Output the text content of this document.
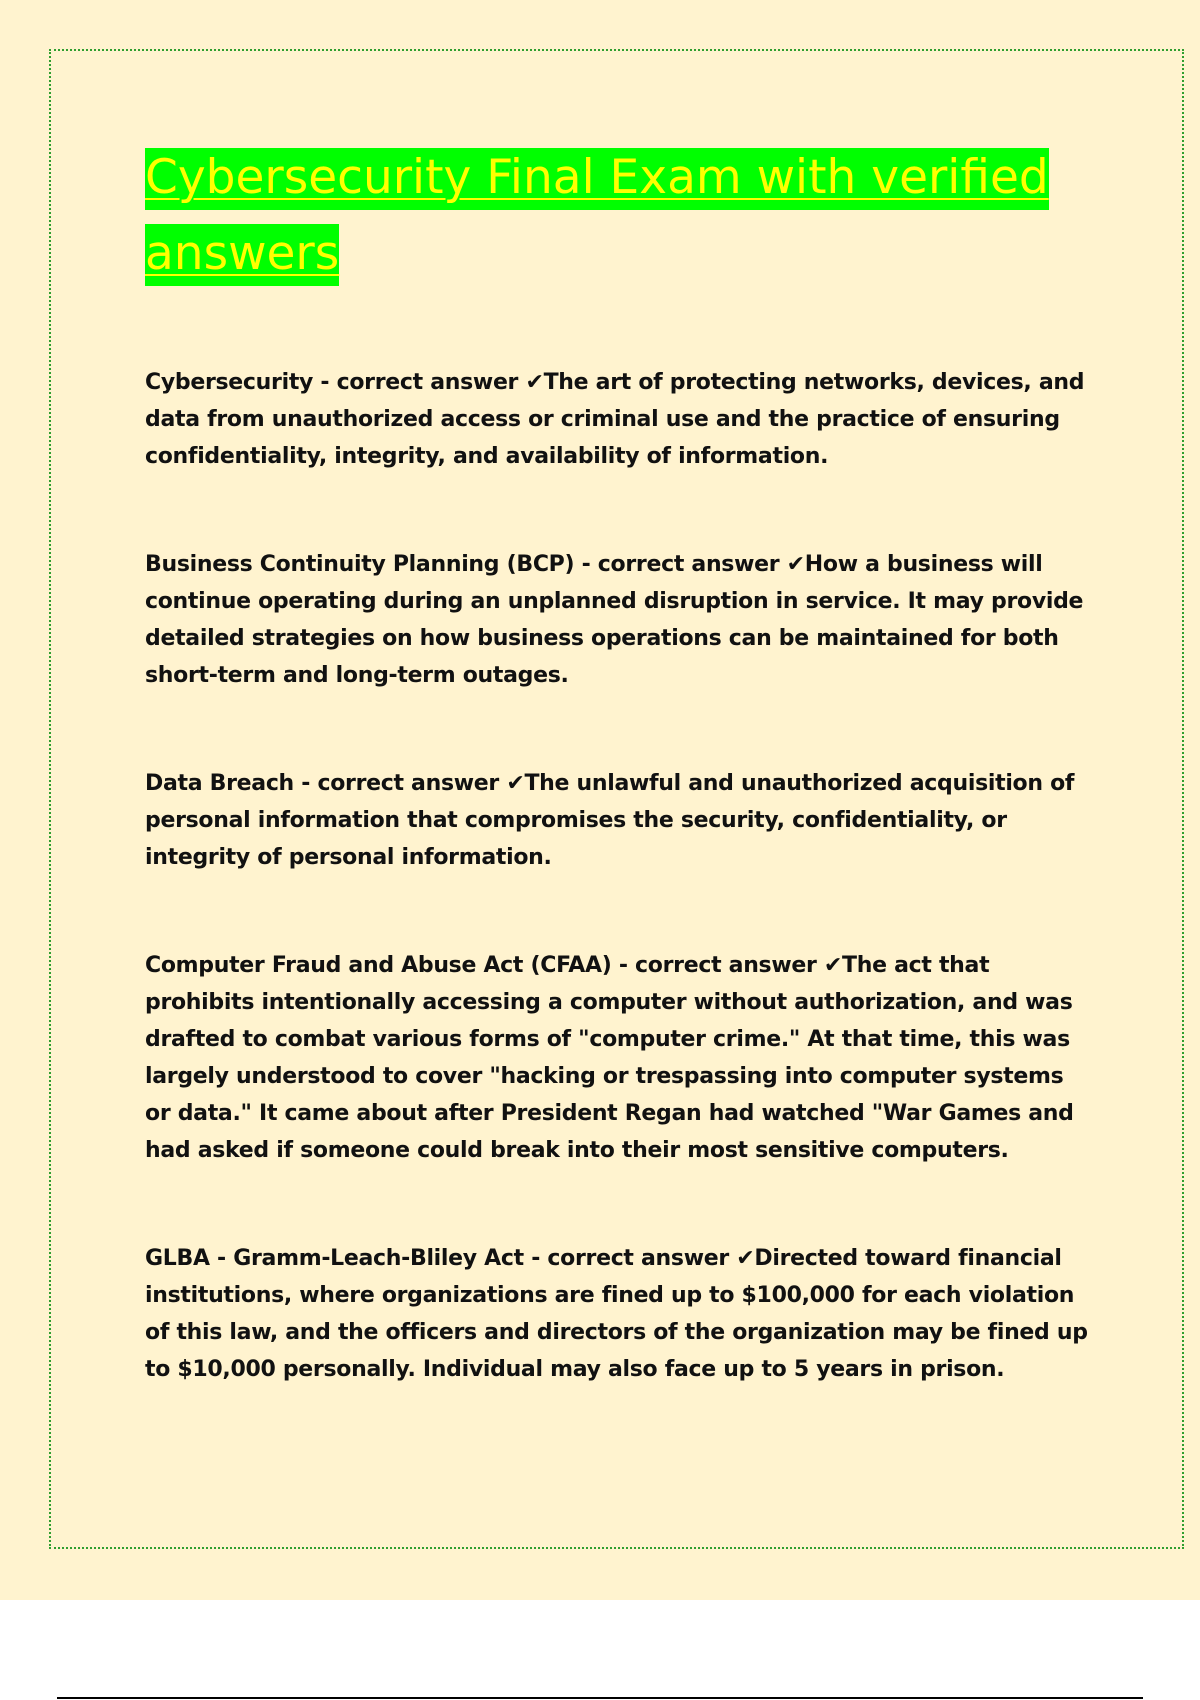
Cybersecurity Final Exam with verified answers

Cybersecurity - correct answer ✔The art of protecting networks, devices, and data from unauthorized access or criminal use and the practice of ensuring confidentiality, integrity, and availability of information.

Business Continuity Planning (BCP) - correct answer ✔How a business will continue operating during an unplanned disruption in service. It may provide detailed strategies on how business operations can be maintained for both short-term and long-term outages.

Data Breach - correct answer ✔The unlawful and unauthorized acquisition of personal information that compromises the security, confidentiality, or integrity of personal information.

Computer Fraud and Abuse Act (CFAA) - correct answer ✔The act that prohibits intentionally accessing a computer without authorization, and was drafted to combat various forms of "computer crime." At that time, this was largely understood to cover "hacking or trespassing into computer systems or data." It came about after President Regan had watched "War Games and had asked if someone could break into their most sensitive computers.

GLBA - Gramm-Leach-Bliley Act - correct answer ✔Directed toward financial institutions, where organizations are fined up to $100,000 for each violation of this law, and the officers and directors of the organization may be fined up to $10,000 personally. Individual may also face up to 5 years in prison.
